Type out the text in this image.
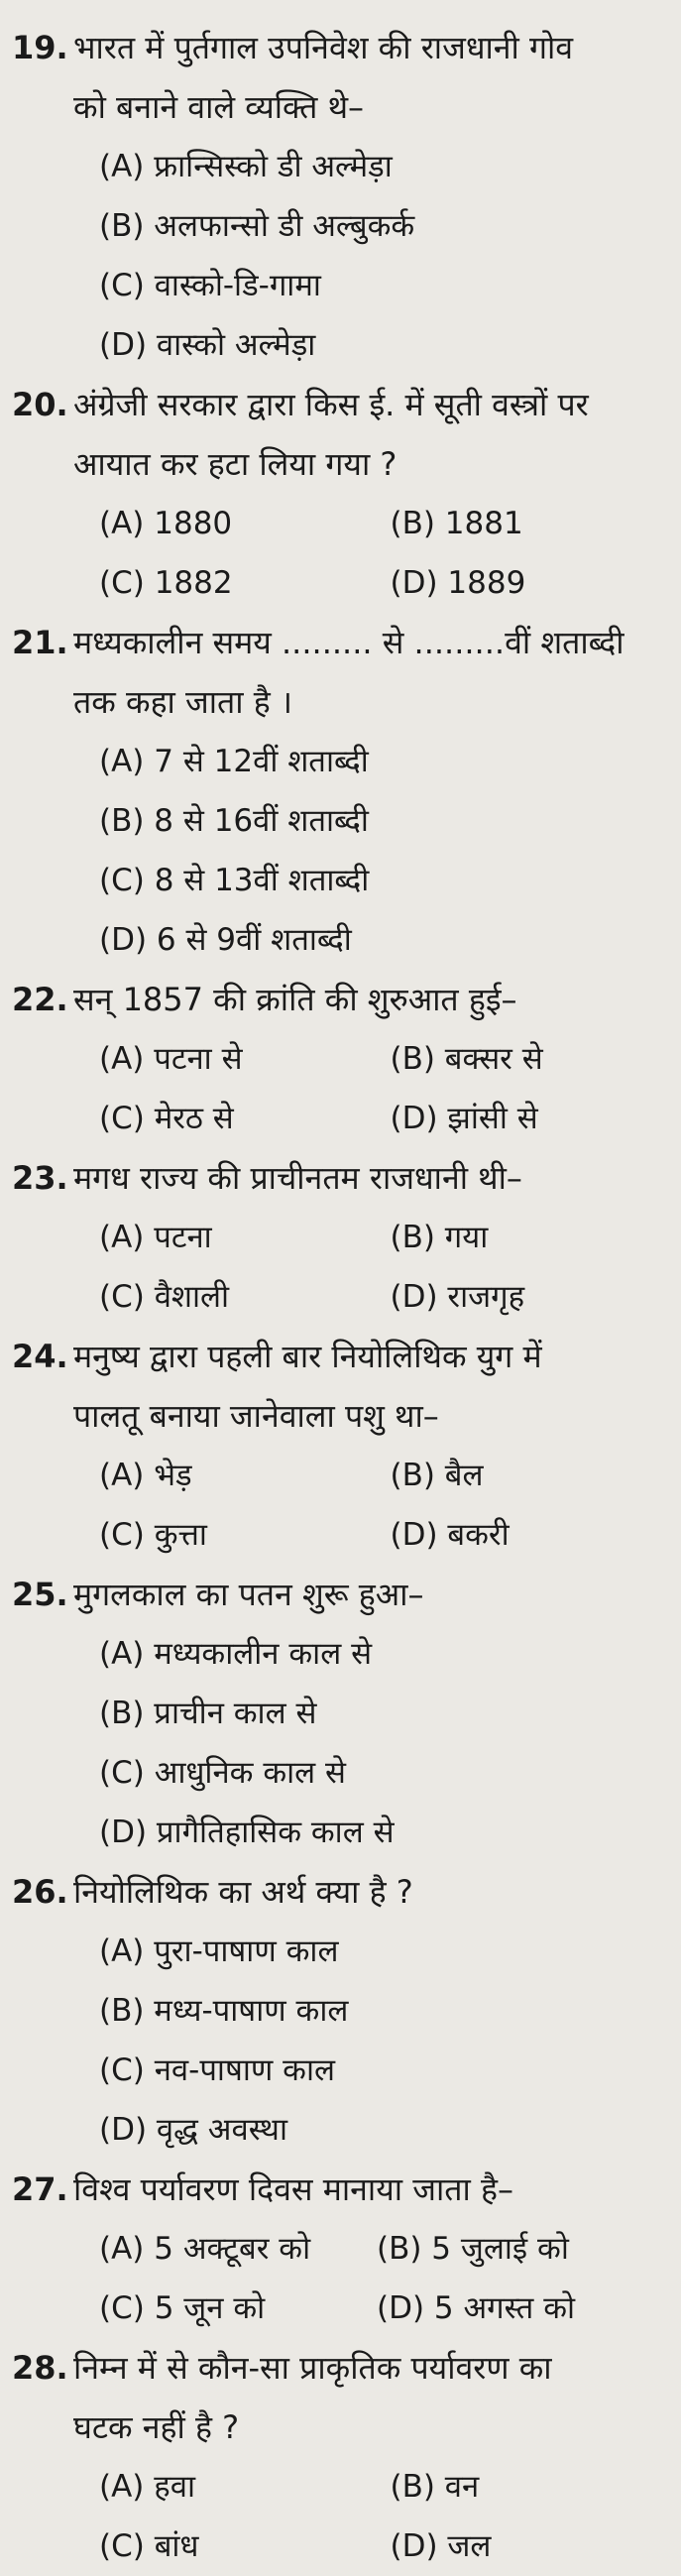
19. भारत में पुर्तगाल उपनिवेश की राजधानी गोव
को बनाने वाले व्यक्ति थे–
(A) फ्रान्सिस्को डी अल्मेड़ा
(B) अलफान्सो डी अल्बुकर्क
(C) वास्को-डि-गामा
(D) वास्को अल्मेड़ा
20. अंग्रेजी सरकार द्वारा किस ई. में सूती वस्त्रों पर
आयात कर हटा लिया गया ?
(A) 1880	(B) 1881
(C) 1882	(D) 1889
21. मध्यकालीन समय ......... से .........वीं शताब्दी
तक कहा जाता है ।
(A) 7 से 12वीं शताब्दी
(B) 8 से 16वीं शताब्दी
(C) 8 से 13वीं शताब्दी
(D) 6 से 9वीं शताब्दी
22. सन् 1857 की क्रांति की शुरुआत हुई–
(A) पटना से	(B) बक्सर से
(C) मेरठ से	(D) झांसी से
23. मगध राज्य की प्राचीनतम राजधानी थी–
(A) पटना	(B) गया
(C) वैशाली	(D) राजगृह
24. मनुष्य द्वारा पहली बार नियोलिथिक युग में
पालतू बनाया जानेवाला पशु था–
(A) भेड़	(B) बैल
(C) कुत्ता	(D) बकरी
25. मुगलकाल का पतन शुरू हुआ–
(A) मध्यकालीन काल से
(B) प्राचीन काल से
(C) आधुनिक काल से
(D) प्रागैतिहासिक काल से
26. नियोलिथिक का अर्थ क्या है ?
(A) पुरा-पाषाण काल
(B) मध्य-पाषाण काल
(C) नव-पाषाण काल
(D) वृद्ध अवस्था
27. विश्व पर्यावरण दिवस मानाया जाता है–
(A) 5 अक्टूबर को	(B) 5 जुलाई को
(C) 5 जून को	(D) 5 अगस्त को
28. निम्न में से कौन-सा प्राकृतिक पर्यावरण का
घटक नहीं है ?
(A) हवा	(B) वन
(C) बांध	(D) जल
